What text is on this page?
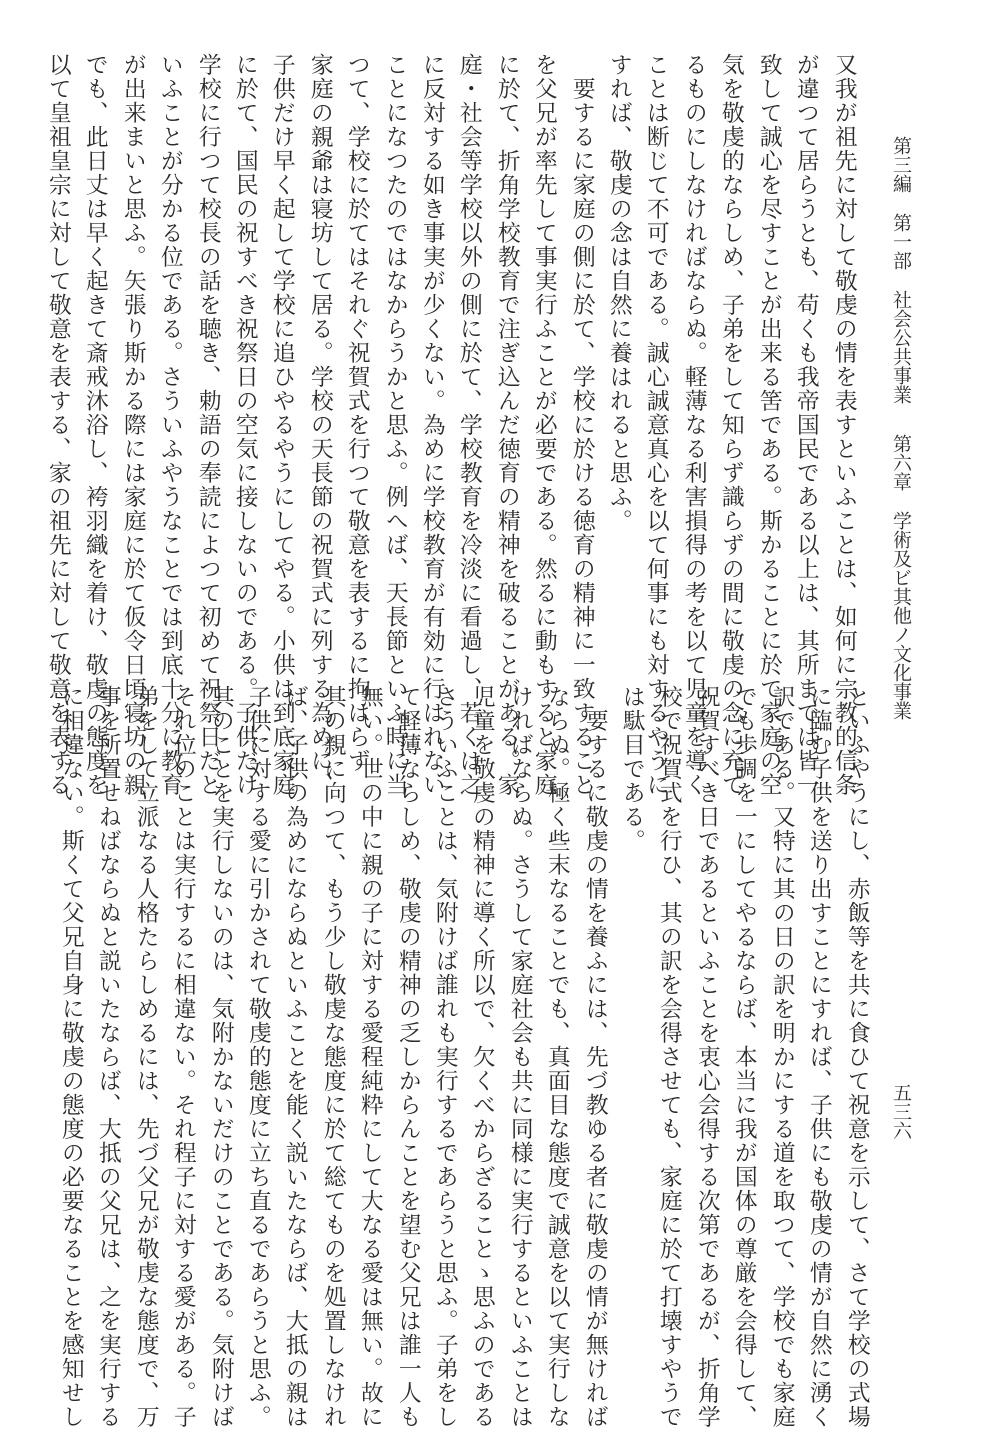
第三編第一部社会公共事業第六章学術及ビ其他ノ文化事業
五三六
又我が祖先に対して敬虔の情を表すといふことは、如何に宗教的信条
が違つて居らうとも、苟くも我帝国民である以上は、其所までは皆一
致して誠心を尽すことが出来る筈である。斯かることに於て家庭の空
気を敬虔的ならしめ、子弟をして知らず識らずの間に敬虔の念に充て
るものにしなければならぬ。軽薄なる利害損得の考を以て児童を導く
ことは断じて不可である。誠心誠意真心を以て何事にも対するやうに
すれば、敬虔の念は自然に養はれると思ふ。
要するに家庭の側に於て、学校に於ける徳育の精神に一致すること
を父兄が率先して事実行ふことが必要である。然るに動もすると家庭
に於て、折角学校教育で注ぎ込んだ徳育の精神を破ることがある。家
庭・社会等学校以外の側に於て、学校教育を冷淡に看過し、若くは之
に反対する如き事実が少くない。為めに学校教育が有効に行はれない
ことになつたのではなからうかと思ふ。例へば、天長節といふ時に当
つて、学校に於てはそれぐ祝賀式を行つて敬意を表するに拘はらず
家庭の親爺は寝坊して居る。学校の天長節の祝賀式に列する為めに、
子供だけ早く起して学校に追ひやるやうにしてやる。小供は到底家庭
に於て、国民の祝すべき祝祭日の空気に接しないのである。子供だけ
学校に行つて校長の話を聴き、勅語の奉読によつて初めて祝祭日だと
いふことが分かる位である。さういふやうなことでは到底十分に教育
が出来まいと思ふ。矢張り斯かる際には家庭に於て仮令日頃寝坊の親
でも、此日丈は早く起きて斎戒沐浴し、袴羽織を着け、敬虔の態度を
以て皇祖皇宗に対して敬意を表する、家の祖先に対して敬意を表する
といふやうにし、赤飯等を共に食ひて祝意を示して、さて学校の式場
に臨む子供を送り出すことにすれば、子供にも敬虔の情が自然に湧く
訳である。又特に其の日の訳を明かにする道を取つて、学校でも家庭
でも歩調を一にしてやるならば、本当に我が国体の尊厳を会得して、
祝賀すべき日であるといふことを衷心会得する次第であるが、折角学
校で祝賀式を行ひ、其の訳を会得させても、家庭に於て打壊すやうで
は駄目である。
要するに敬虔の情を養ふには、先づ教ゆる者に敬虔の情が無ければ
ならぬ。極く些末なることでも、真面目な態度で誠意を以て実行しな
ければならぬ。さうして家庭社会も共に同様に実行するといふことは
児童を敬虔の精神に導く所以で、欠くべからざることゝ思ふのである
さういふことは、気附けば誰れも実行するであらうと思ふ。子弟をし
て軽薄ならしめ、敬虔の精神の乏しからんことを望む父兄は誰一人も
無い。世の中に親の子に対する愛程純粋にして大なる愛は無い。故に
其の親に向つて、もう少し敬虔な態度に於て総てものを処置しなけれ
ば、子供の為めにならぬといふことを能く説いたならば、大抵の親は
子供に対する愛に引かされて敬虔的態度に立ち直るであらうと思ふ。
其のことを実行しないのは、気附かないだけのことである。気附けば
それ位のことは実行するに相違ない。それ程子に対する愛がある。子
弟をして立派なる人格たらしめるには、先づ父兄が敬虔な態度で、万
事を所置せねばならぬと説いたならば、大抵の父兄は、之を実行する
に相違ない。斯くて父兄自身に敬虔の態度の必要なることを感知せし
